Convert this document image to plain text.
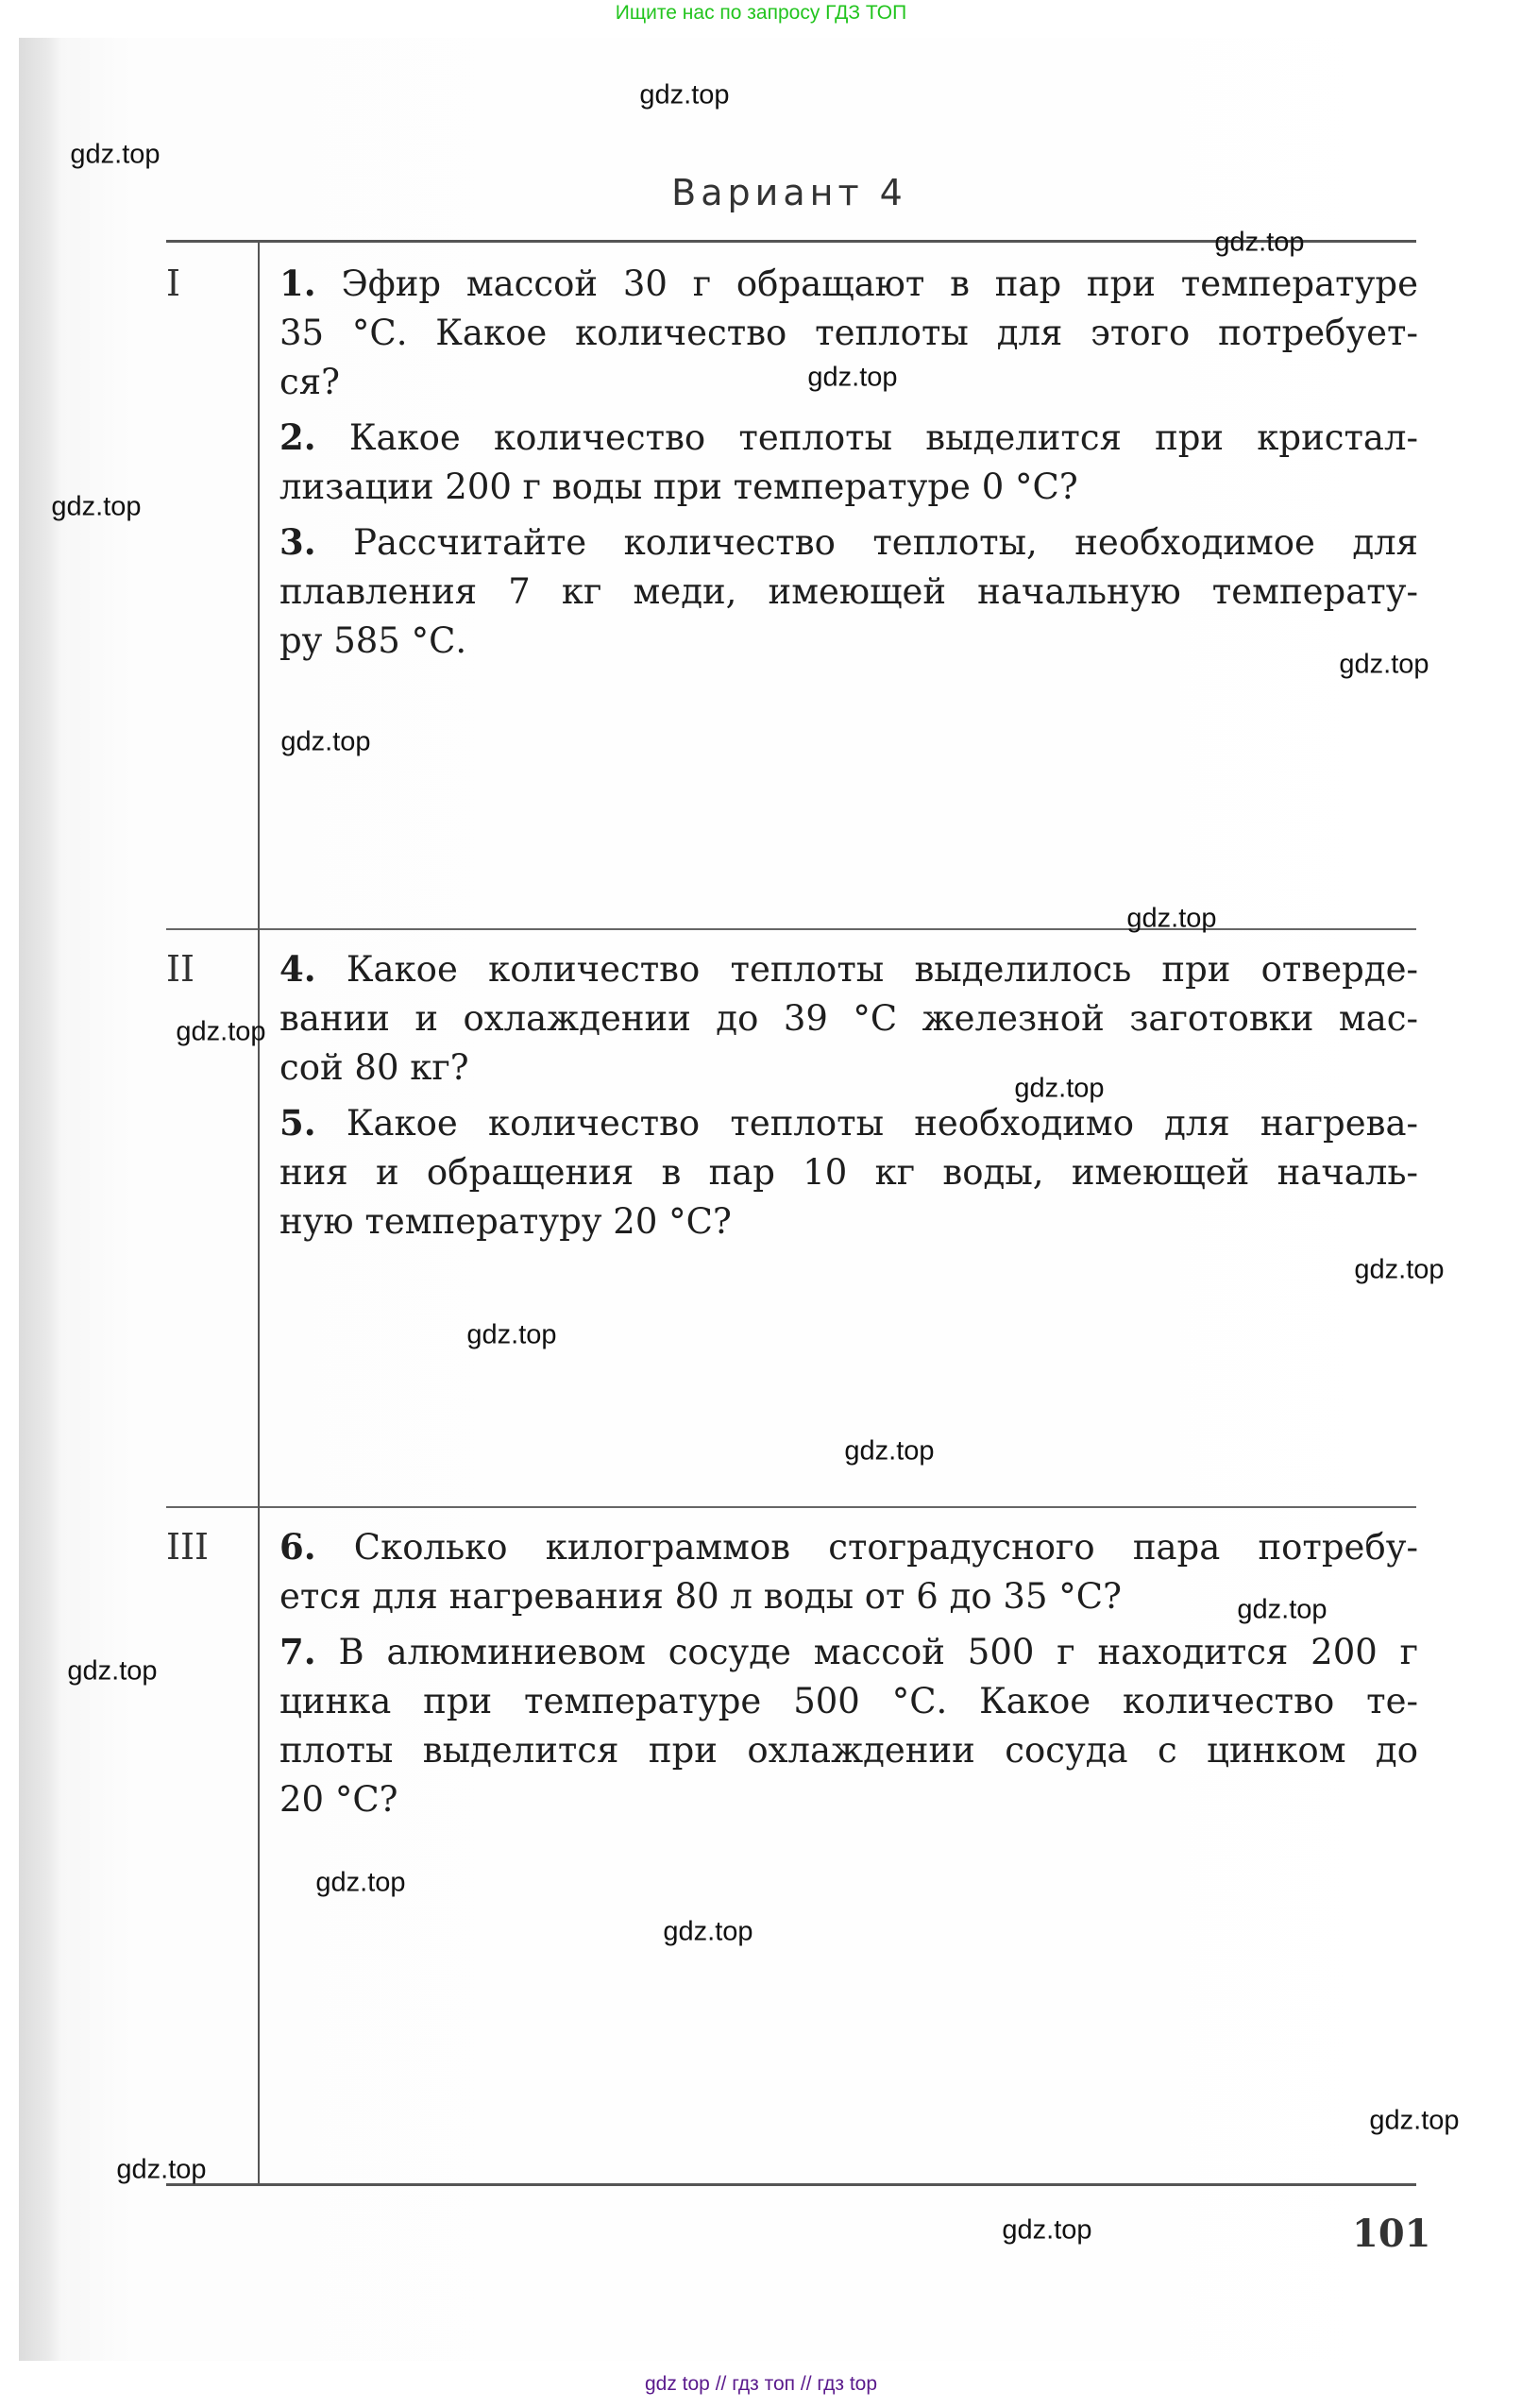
Ищите нас по запросу ГДЗ ТОП
Вариант 4
I	1. Эфир массой 30 г обращают в пар при температуре
35 °С. Какое количество теплоты для этого потребует-
ся?
2. Какое количество теплоты выделится при кристал-
лизации 200 г воды при температуре 0 °С?
3. Рассчитайте количество теплоты, необходимое для
плавления 7 кг меди, имеющей начальную температу-
ру 585 °С.
II 4. Какое количество теплоты выделилось при отверде-
вании и охлаждении до 39 °С железной заготовки мас-
сой 80 кг?
5. Какое количество теплоты необходимо для нагрева-
ния и обращения в пар 10 кг воды, имеющей началь-
ную температуру 20 °С?
III 6. Сколько килограммов стоградусного пара потребу-
ется для нагревания 80 л воды от 6 до 35 °С?
7. В алюминиевом сосуде массой 500 г находится 200 г
цинка при температуре 500 °С. Какое количество те-
плоты выделится при охлаждении сосуда с цинком до
20 °С?
101
gdz.top
gdz.top
gdz.top
gdz.top
gdz.top
gdz.top
gdz.top
gdz.top
gdz.top
gdz.top
gdz.top
gdz.top
gdz.top
gdz.top
gdz.top
gdz.top
gdz.top
gdz.top
gdz.top
gdz.top
gdz top // гдз топ // гдз top
